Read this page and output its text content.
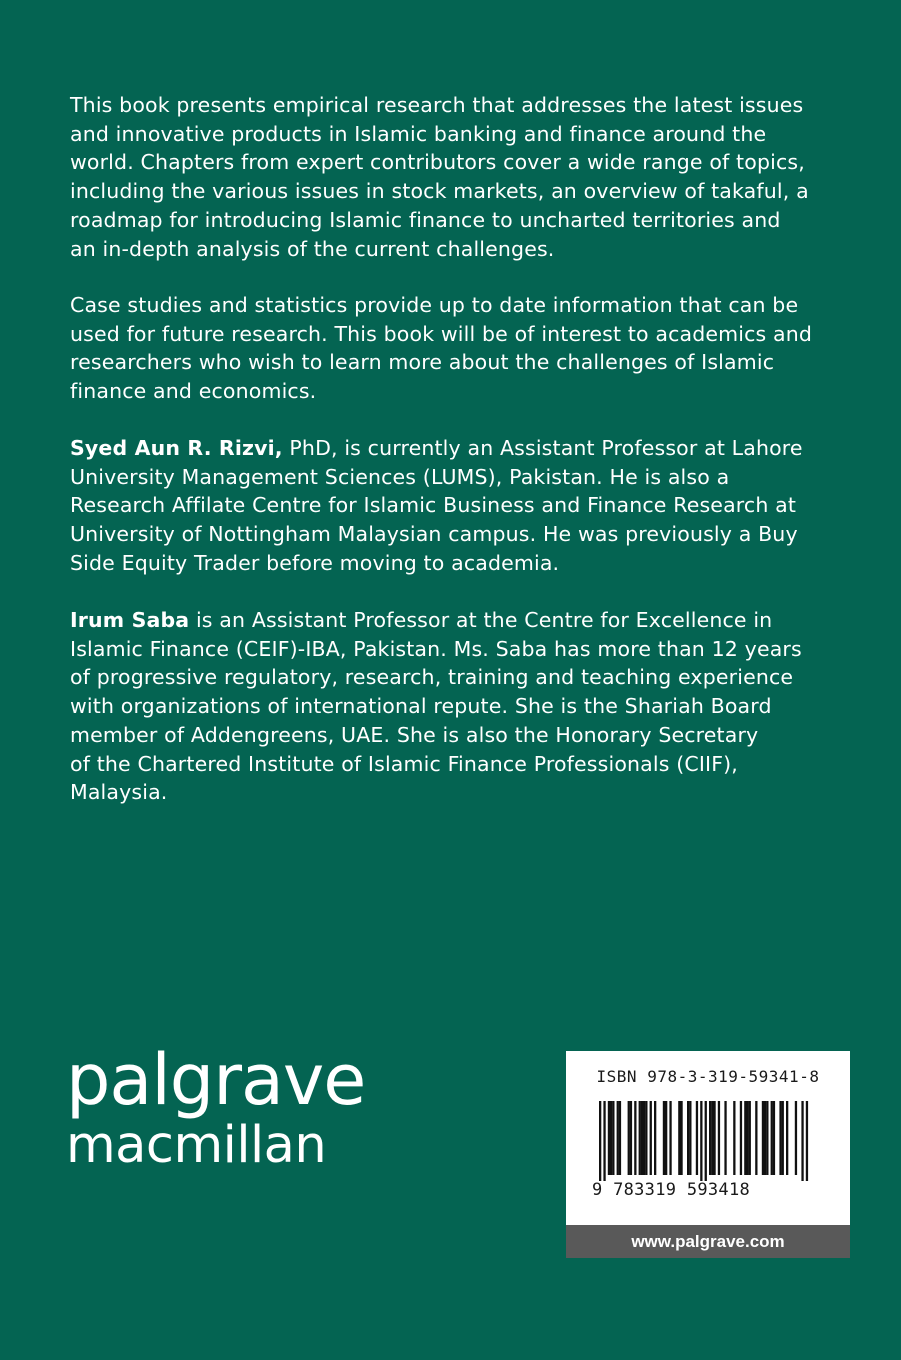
This book presents empirical research that addresses the latest issues
and innovative products in Islamic banking and finance around the
world. Chapters from expert contributors cover a wide range of topics,
including the various issues in stock markets, an overview of takaful, a
roadmap for introducing Islamic finance to uncharted territories and
an in-depth analysis of the current challenges.

Case studies and statistics provide up to date information that can be
used for future research. This book will be of interest to academics and
researchers who wish to learn more about the challenges of Islamic
finance and economics.

Syed Aun R. Rizvi, PhD, is currently an Assistant Professor at Lahore
University Management Sciences (LUMS), Pakistan. He is also a
Research Affilate Centre for Islamic Business and Finance Research at
University of Nottingham Malaysian campus. He was previously a Buy
Side Equity Trader before moving to academia.

Irum Saba is an Assistant Professor at the Centre for Excellence in
Islamic Finance (CEIF)-IBA, Pakistan. Ms. Saba has more than 12 years
of progressive regulatory, research, training and teaching experience
with organizations of international repute. She is the Shariah Board
member of Addengreens, UAE. She is also the Honorary Secretary
of the Chartered Institute of Islamic Finance Professionals (CIIF),
Malaysia.

palgrave
macmillan
ISBN 978-3-319-59341-8
9 783319 593418
www.palgrave.com
